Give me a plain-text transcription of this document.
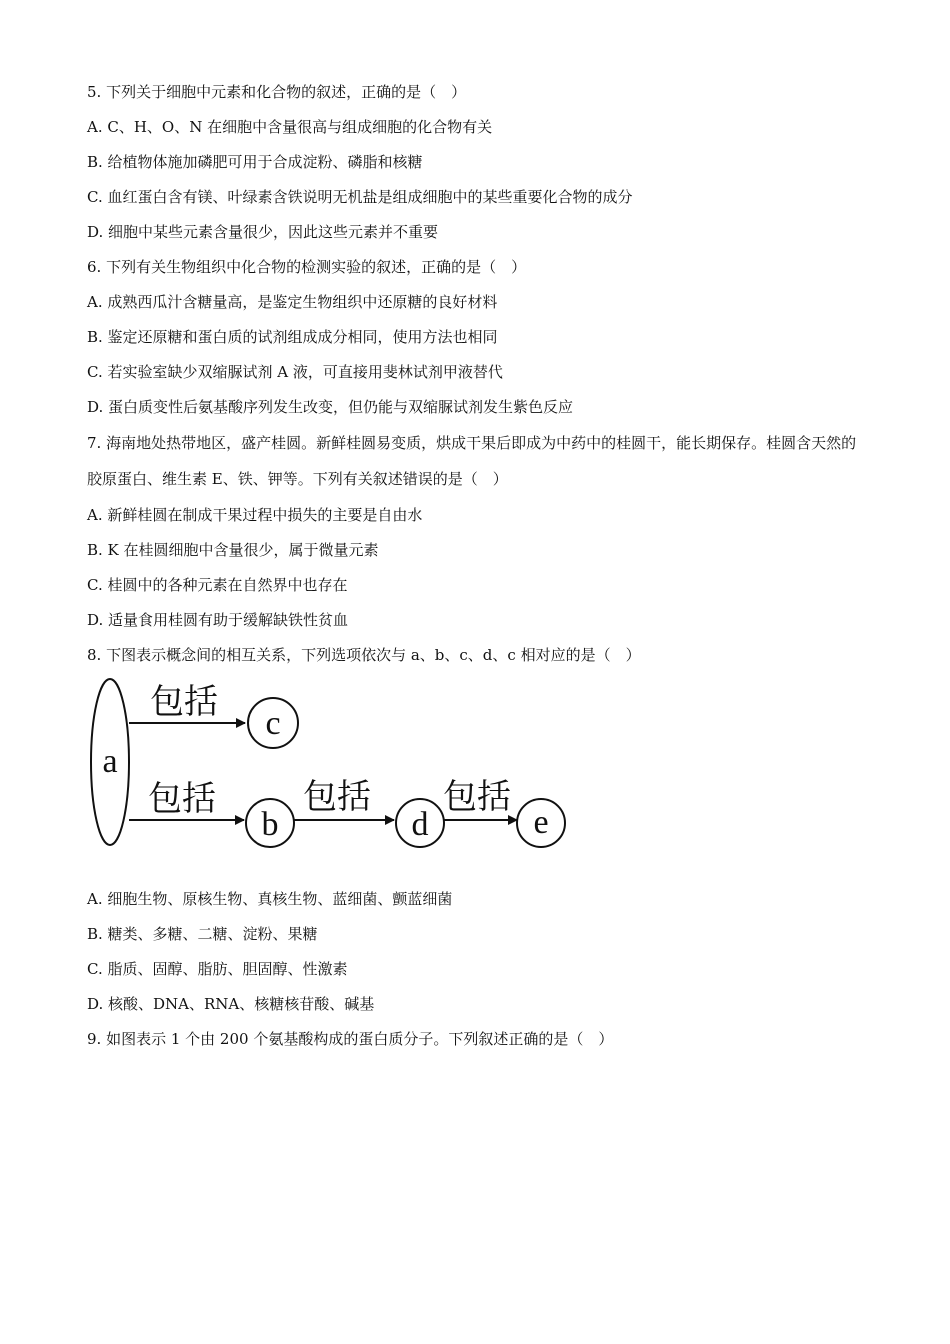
5. 下列关于细胞中元素和化合物的叙述，正确的是（　）
A. C、H、O、N 在细胞中含量很高与组成细胞的化合物有关
B. 给植物体施加磷肥可用于合成淀粉、磷脂和核糖
C. 血红蛋白含有镁、叶绿素含铁说明无机盐是组成细胞中的某些重要化合物的成分
D. 细胞中某些元素含量很少，因此这些元素并不重要
6. 下列有关生物组织中化合物的检测实验的叙述，正确的是（　）
A. 成熟西瓜汁含糖量高，是鉴定生物组织中还原糖的良好材料
B. 鉴定还原糖和蛋白质的试剂组成成分相同，使用方法也相同
C. 若实验室缺少双缩脲试剂 A 液，可直接用斐林试剂甲液替代
D. 蛋白质变性后氨基酸序列发生改变，但仍能与双缩脲试剂发生紫色反应
7. 海南地处热带地区，盛产桂圆。新鲜桂圆易变质，烘成干果后即成为中药中的桂圆干，能长期保存。桂圆含天然的胶原蛋白、维生素 E、铁、钾等。下列有关叙述错误的是（　）
A. 新鲜桂圆在制成干果过程中损失的主要是自由水
B. K 在桂圆细胞中含量很少，属于微量元素
C. 桂圆中的各种元素在自然界中也存在
D. 适量食用桂圆有助于缓解缺铁性贫血
8. 下图表示概念间的相互关系，下列选项依次与 a、b、c、d、c 相对应的是（　）
a
包括
c
包括
b
包括
d
包括
e
A. 细胞生物、原核生物、真核生物、蓝细菌、颤蓝细菌
B. 糖类、多糖、二糖、淀粉、果糖
C. 脂质、固醇、脂肪、胆固醇、性激素
D. 核酸、DNA、RNA、核糖核苷酸、碱基
9. 如图表示 1 个由 200 个氨基酸构成的蛋白质分子。下列叙述正确的是（　）
